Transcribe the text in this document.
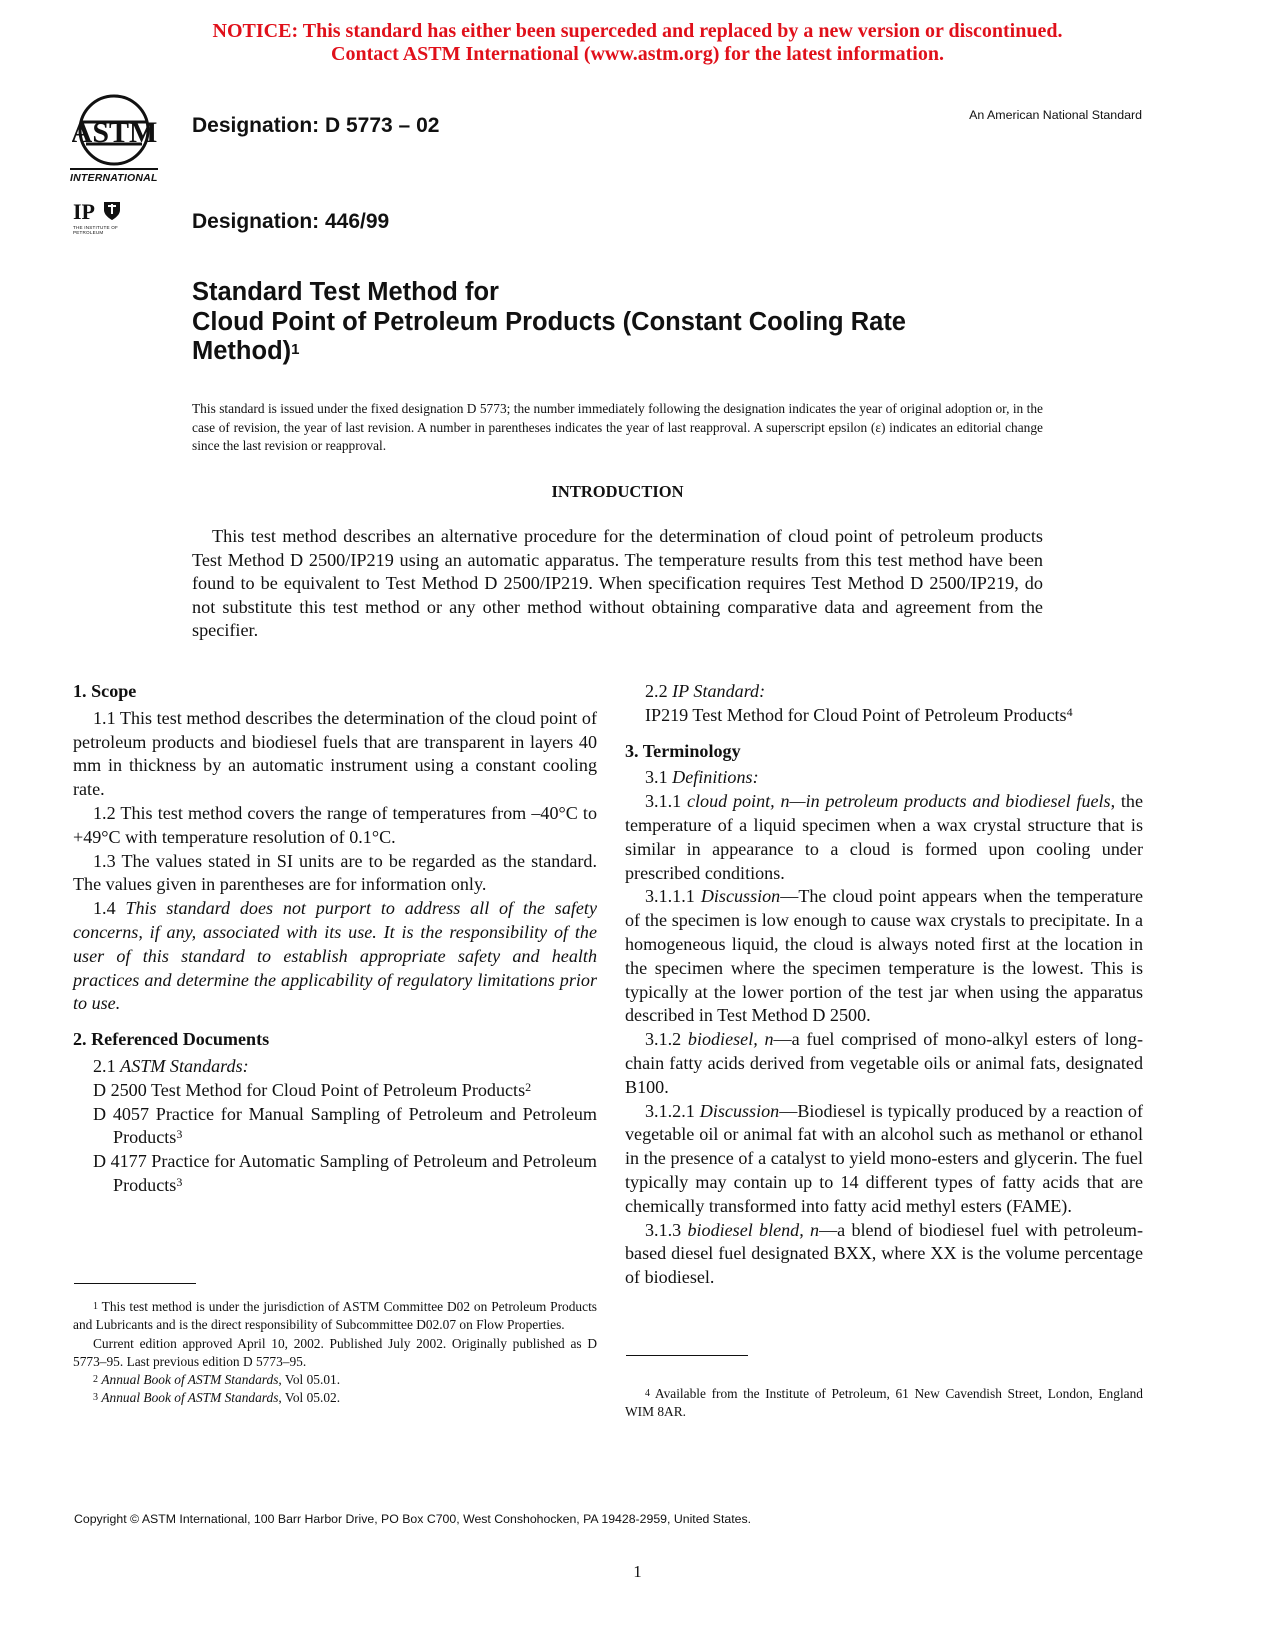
NOTICE: This standard has either been superceded and replaced by a new version or discontinued.
Contact ASTM International (www.astm.org) for the latest information.
ASTM
INTERNATIONAL
IP
THE INSTITUTE OF PETROLEUM
Designation: D 5773 – 02
Designation: 446/99
An American National Standard
Standard Test Method for
Cloud Point of Petroleum Products (Constant Cooling Rate
Method)$^1$
This standard is issued under the fixed designation D 5773; the number immediately following the designation indicates the year of original adoption or, in the case of revision, the year of last revision. A number in parentheses indicates the year of last reapproval. A superscript epsilon (ε) indicates an editorial change since the last revision or reapproval.
INTRODUCTION
This test method describes an alternative procedure for the determination of cloud point of petroleum products Test Method D 2500/IP219 using an automatic apparatus. The temperature results from this test method have been found to be equivalent to Test Method D 2500/IP219. When specification requires Test Method D 2500/IP219, do not substitute this test method or any other method without obtaining comparative data and agreement from the specifier.
1. Scope

1.1 This test method describes the determination of the cloud point of petroleum products and biodiesel fuels that are transparent in layers 40 mm in thickness by an automatic instrument using a constant cooling rate.

1.2 This test method covers the range of temperatures from –40°C to +49°C with temperature resolution of 0.1°C.

1.3 The values stated in SI units are to be regarded as the standard. The values given in parentheses are for information only.

1.4 This standard does not purport to address all of the safety concerns, if any, associated with its use. It is the responsibility of the user of this standard to establish appropriate safety and health practices and determine the applicability of regulatory limitations prior to use.

2. Referenced Documents

2.1 ASTM Standards:

D 2500 Test Method for Cloud Point of Petroleum Products$^2$

D 4057 Practice for Manual Sampling of Petroleum and Petroleum Products$^3$

D 4177 Practice for Automatic Sampling of Petroleum and Petroleum Products$^3$

$^1$ This test method is under the jurisdiction of ASTM Committee D02 on Petroleum Products and Lubricants and is the direct responsibility of Subcommittee D02.07 on Flow Properties.

Current edition approved April 10, 2002. Published July 2002. Originally published as D 5773–95. Last previous edition D 5773–95.

$^2$ Annual Book of ASTM Standards, Vol 05.01.

$^3$ Annual Book of ASTM Standards, Vol 05.02.

2.2 IP Standard:

IP219 Test Method for Cloud Point of Petroleum Products$^4$

3. Terminology

3.1 Definitions:

3.1.1 cloud point, n—in petroleum products and biodiesel fuels, the temperature of a liquid specimen when a wax crystal structure that is similar in appearance to a cloud is formed upon cooling under prescribed conditions.

3.1.1.1 Discussion—The cloud point appears when the temperature of the specimen is low enough to cause wax crystals to precipitate. In a homogeneous liquid, the cloud is always noted first at the location in the specimen where the specimen temperature is the lowest. This is typically at the lower portion of the test jar when using the apparatus described in Test Method D 2500.

3.1.2 biodiesel, n—a fuel comprised of mono-alkyl esters of long-chain fatty acids derived from vegetable oils or animal fats, designated B100.

3.1.2.1 Discussion—Biodiesel is typically produced by a reaction of vegetable oil or animal fat with an alcohol such as methanol or ethanol in the presence of a catalyst to yield mono-esters and glycerin. The fuel typically may contain up to 14 different types of fatty acids that are chemically transformed into fatty acid methyl esters (FAME).

3.1.3 biodiesel blend, n—a blend of biodiesel fuel with petroleum-based diesel fuel designated BXX, where XX is the volume percentage of biodiesel.

$^4$ Available from the Institute of Petroleum, 61 New Cavendish Street, London, England WIM 8AR.

Copyright © ASTM International, 100 Barr Harbor Drive, PO Box C700, West Conshohocken, PA 19428-2959, United States.
1
